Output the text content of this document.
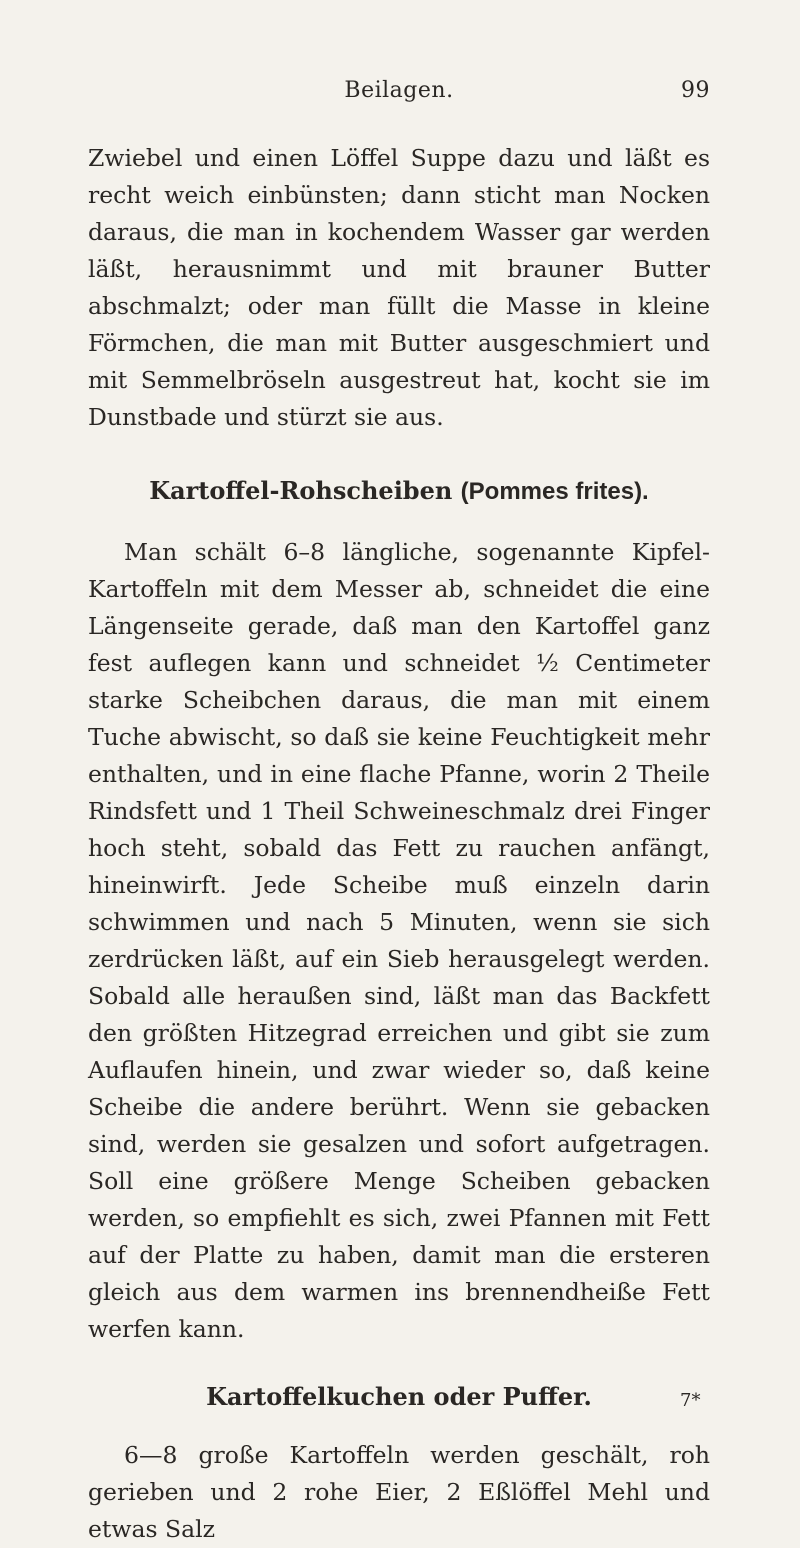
Beilagen.	99

Zwiebel und einen Löffel Suppe dazu und läßt es recht weich einbünsten; dann sticht man Nocken daraus, die man in kochendem Wasser gar werden läßt, herausnimmt und mit brauner Butter abschmalzt; oder man füllt die Masse in kleine Förmchen, die man mit Butter ausgeschmiert und mit Semmelbröseln ausgestreut hat, kocht sie im Dunstbade und stürzt sie aus.

Kartoffel-Rohscheiben (Pommes frites).

Man schält 6–8 längliche, sogenannte Kipfel-Kartoffeln mit dem Messer ab, schneidet die eine Längenseite gerade, daß man den Kartoffel ganz fest auflegen kann und schneidet ½ Centimeter starke Scheibchen daraus, die man mit einem Tuche abwischt, so daß sie keine Feuchtigkeit mehr enthalten, und in eine flache Pfanne, worin 2 Theile Rindsfett und 1 Theil Schweineschmalz drei Finger hoch steht, sobald das Fett zu rauchen anfängt, hineinwirft. Jede Scheibe muß einzeln darin schwimmen und nach 5 Minuten, wenn sie sich zerdrücken läßt, auf ein Sieb herausgelegt werden. Sobald alle heraußen sind, läßt man das Backfett den größten Hitzegrad erreichen und gibt sie zum Auflaufen hinein, und zwar wieder so, daß keine Scheibe die andere berührt. Wenn sie gebacken sind, werden sie gesalzen und sofort aufgetragen. Soll eine größere Menge Scheiben gebacken werden, so empfiehlt es sich, zwei Pfannen mit Fett auf der Platte zu haben, damit man die ersteren gleich aus dem warmen ins brennendheiße Fett werfen kann.

Kartoffelkuchen oder Puffer.

6—8 große Kartoffeln werden geschält, roh gerieben und 2 rohe Eier, 2 Eßlöffel Mehl und etwas Salz

7*
